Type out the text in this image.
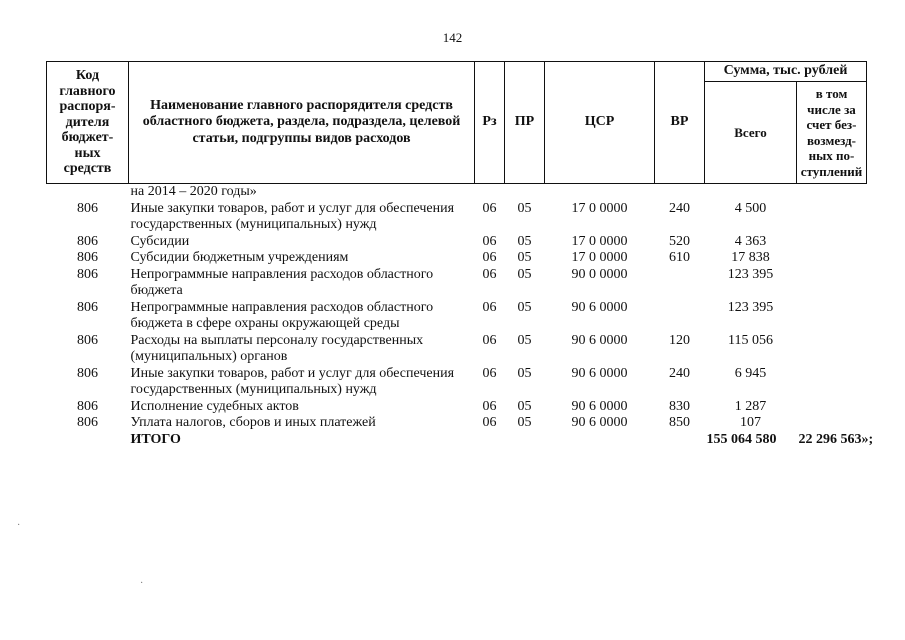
142
Код главного распоря-дителя бюджет-ных средств	Наименование главного распорядителя средств областного бюджета, раздела, подраздела, целевой статьи, подгруппы видов расходов	Рз	ПР	ЦСР	ВР	Сумма, тыс. рублей	
						Всего	в том числе за счет без-возмезд-ных по-ступлений
	на 2014 – 2020 годы»						
806	Иные закупки товаров, работ и услуг для обеспечения государственных (муниципальных) нужд	06	05	17 0 0000	240	4 500	
806	Субсидии	06	05	17 0 0000	520	4 363	
806	Субсидии бюджетным учреждениям	06	05	17 0 0000	610	17 838	
806	Непрограммные направления расходов областного бюджета	06	05	90 0 0000		123 395	
806	Непрограммные направления расходов областного бюджета в сфере охраны окружающей среды	06	05	90 6 0000		123 395	
806	Расходы на выплаты персоналу государственных (муниципальных) органов	06	05	90 6 0000	120	115 056	
806	Иные закупки товаров, работ и услуг для обеспечения государственных (муниципальных) нужд	06	05	90 6 0000	240	6 945	
806	Исполнение судебных актов	06	05	90 6 0000	830	1 287	
806	Уплата налогов, сборов и иных платежей	06	05	90 6 0000	850	107	
	ИТОГО					155 064 580	22 296 563»;
·
·
